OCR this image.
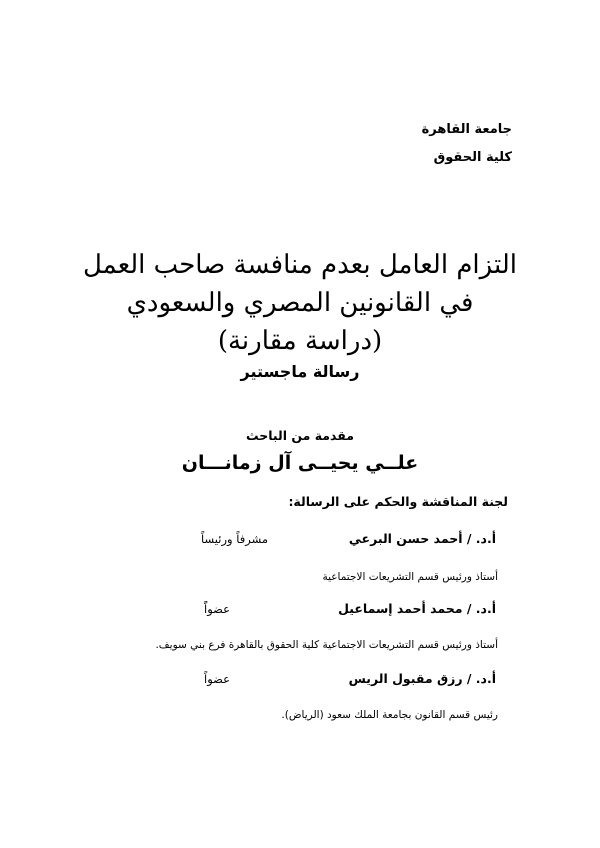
جامعة القاهرة
كلية الحقوق
التزام العامل بعدم منافسة صاحب العمل
في القانونين المصري والسعودي
(دراسة مقارنة)
رسالة ماجستير
مقدمة من الباحث
علــي يحيــى آل زمانـــان
لجنة المناقشة والحكم على الرسالة:
أ.د. / أحمد حسن البرعي
مشرفاً ورئيساً
أستاذ ورئيس قسم التشريعات الاجتماعية
أ.د. / محمد أحمد إسماعيل
عضواًً
أستاذ ورئيس قسم التشريعات الاجتماعية كلية الحقوق بالقاهرة فرع بني سويف.
أ.د. / رزق مقبول الريس
عضواً
رئيس قسم القانون بجامعة الملك سعود (الرياض).
